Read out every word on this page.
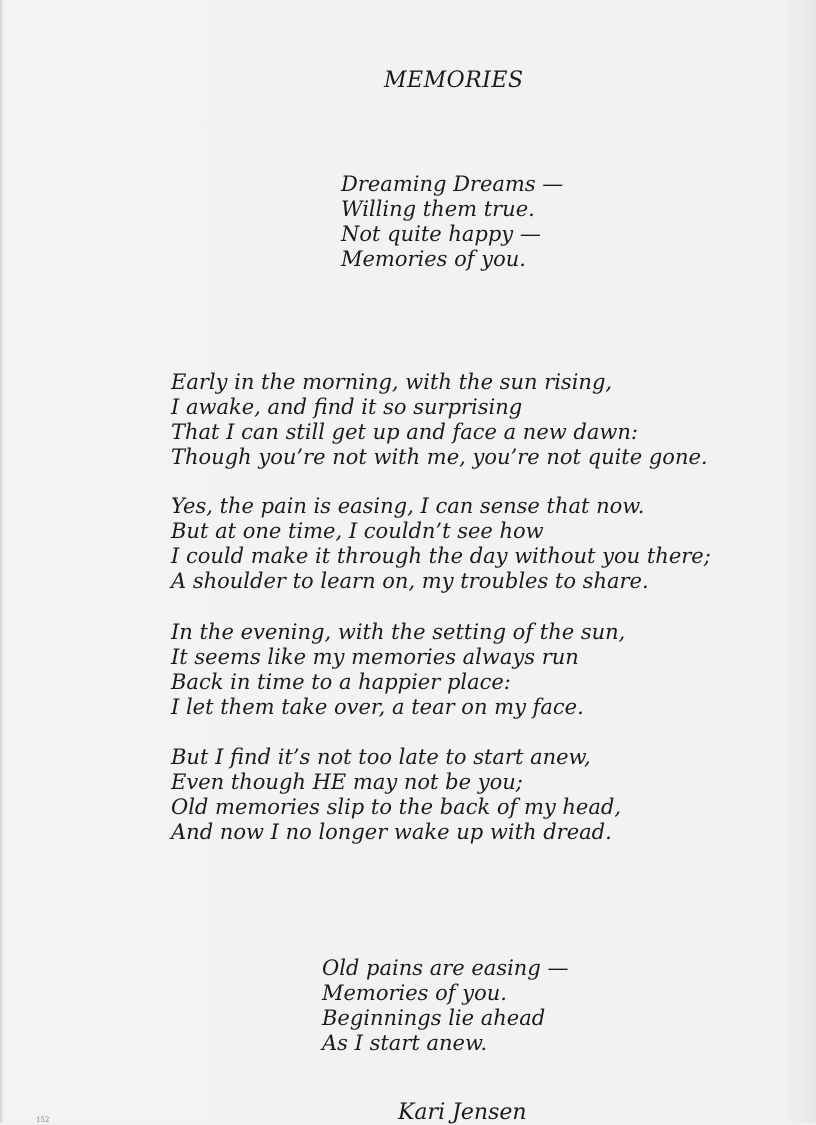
MEMORIES
Dreaming Dreams —
Willing them true.
Not quite happy —
Memories of you.
Early in the morning, with the sun rising,
I awake, and find it so surprising
That I can still get up and face a new dawn:
Though you’re not with me, you’re not quite gone.
Yes, the pain is easing, I can sense that now.
But at one time, I couldn’t see how
I could make it through the day without you there;
A shoulder to learn on, my troubles to share.
In the evening, with the setting of the sun,
It seems like my memories always run
Back in time to a happier place:
I let them take over, a tear on my face.
But I find it’s not too late to start anew,
Even though HE may not be you;
Old memories slip to the back of my head,
And now I no longer wake up with dread.
Old pains are easing —
Memories of you.
Beginnings lie ahead
As I start anew.

Kari Jensen

152
